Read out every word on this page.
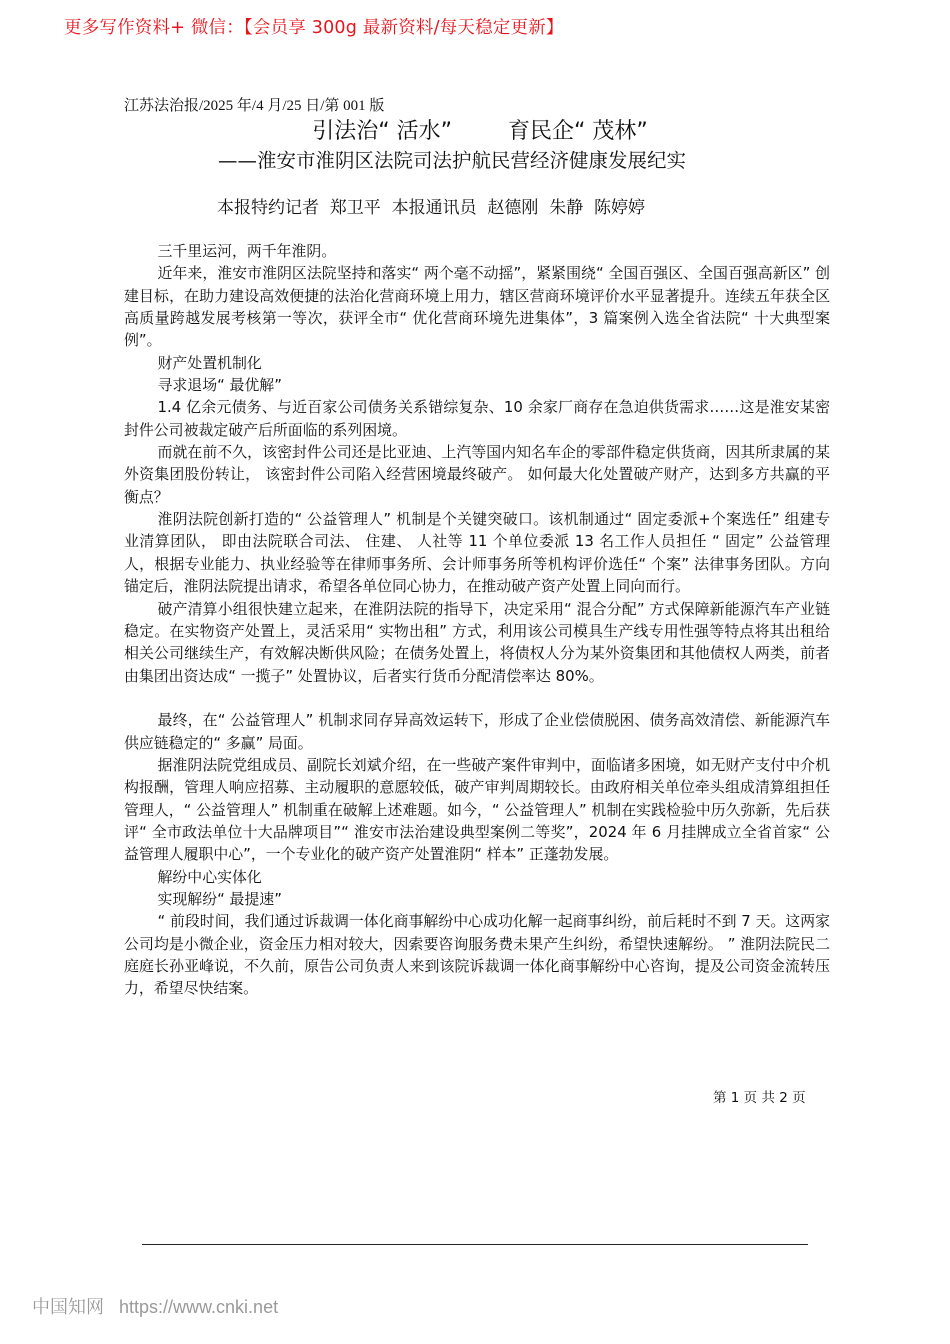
更多写作资料+ 微信：【会员享 300g 最新资料/每天稳定更新】
江苏法治报/2025 年/4 月/25 日/第 001 版
引法治“ 活水”        育民企“ 茂林”
——淮安市淮阴区法院司法护航民营经济健康发展纪实
本报特约记者  郑卫平  本报通讯员  赵德刚  朱静  陈婷婷

三千里运河，两千年淮阴。

近年来，淮安市淮阴区法院坚持和落实“ 两个毫不动摇”，紧紧围绕“ 全国百强区、全国百强高新区” 创建目标，在助力建设高效便捷的法治化营商环境上用力，辖区营商环境评价水平显著提升。连续五年获全区高质量跨越发展考核第一等次，获评全市“ 优化营商环境先进集体”，3 篇案例入选全省法院“ 十大典型案例”。

财产处置机制化

寻求退场“ 最优解”

1.4 亿余元债务、与近百家公司债务关系错综复杂、10 余家厂商存在急迫供货需求……这是淮安某密封件公司被裁定破产后所面临的系列困境。

而就在前不久，该密封件公司还是比亚迪、上汽等国内知名车企的零部件稳定供货商，因其所隶属的某外资集团股份转让， 该密封件公司陷入经营困境最终破产。 如何最大化处置破产财产，达到多方共赢的平衡点？

淮阴法院创新打造的“ 公益管理人” 机制是个关键突破口。该机制通过“ 固定委派+个案选任” 组建专业清算团队， 即由法院联合司法、 住建、 人社等 11 个单位委派 13 名工作人员担任 “ 固定” 公益管理人，根据专业能力、执业经验等在律师事务所、会计师事务所等机构评价选任“ 个案” 法律事务团队。方向锚定后，淮阴法院提出请求，希望各单位同心协力，在推动破产资产处置上同向而行。

破产清算小组很快建立起来，在淮阴法院的指导下，决定采用“ 混合分配” 方式保障新能源汽车产业链稳定。在实物资产处置上，灵活采用“ 实物出租” 方式，利用该公司模具生产线专用性强等特点将其出租给相关公司继续生产，有效解决断供风险；在债务处置上，将债权人分为某外资集团和其他债权人两类，前者由集团出资达成“ 一揽子” 处置协议，后者实行货币分配清偿率达 80%。

最终，在“ 公益管理人” 机制求同存异高效运转下，形成了企业偿债脱困、债务高效清偿、新能源汽车供应链稳定的“ 多赢” 局面。

据淮阴法院党组成员、副院长刘斌介绍，在一些破产案件审判中，面临诸多困境，如无财产支付中介机构报酬，管理人响应招募、主动履职的意愿较低，破产审判周期较长。由政府相关单位牵头组成清算组担任管理人，“ 公益管理人” 机制重在破解上述难题。如今，“ 公益管理人” 机制在实践检验中历久弥新，先后获评“ 全市政法单位十大品牌项目”“ 淮安市法治建设典型案例二等奖”，2024 年 6 月挂牌成立全省首家“ 公益管理人履职中心”，一个专业化的破产资产处置淮阴“ 样本” 正蓬勃发展。

解纷中心实体化

实现解纷“ 最提速”

“ 前段时间，我们通过诉裁调一体化商事解纷中心成功化解一起商事纠纷，前后耗时不到 7 天。这两家公司均是小微企业，资金压力相对较大，因索要咨询服务费未果产生纠纷，希望快速解纷。 ” 淮阴法院民二庭庭长孙亚峰说，不久前，原告公司负责人来到该院诉裁调一体化商事解纷中心咨询，提及公司资金流转压力，希望尽快结案。

第 1 页 共 2 页
中国知网 https://www.cnki.net
